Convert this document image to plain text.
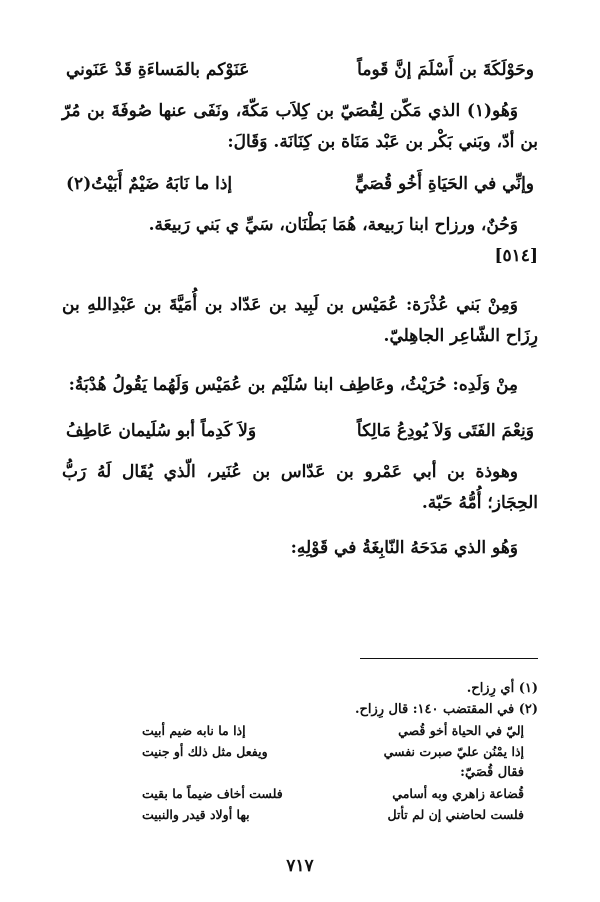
وحَوْلَكَةَ بن أَسْلَمَ إنَّ قَوماً
عَنَوْكم بالمَساءَةِ قَدْ عَنَوني

وَهُو(١) الذي مَكّن لِقُصَيّ بن كِلاَب مَكّةَ، ونَفَى عنها صُوفَةَ بن مُرّ بن أدّ، وبَني بَكْر بن عَبْد مَنَاة بن كِنَانَة. وَقَالَ:

وإنِّي في الحَيَاةِ أَخُو قُصَيٍّ
إذا ما نَابَهُ ضَيْمٌ أَبَيْتُ(٢)

وَحُنٌ، ورزاح ابنا رَبيعة، هُمَا بَطْنَان، سَيِّ ي بَني رَبيعَة.
[٥١٤]

وَمِنْ بَني عُذْرَة: عُمَيْس بن لَبِيد بن عَدّاد بن أُمَيَّةَ بن عَبْدِاللهِ بن رِزَاح الشّاعِر الجاهِليّ.

مِنْ وَلَدِه: حُرَيْثُ، وعَاطِف ابنا سُلَيْم بن عُمَيْس وَلَهُما يَقُولُ هُدْبَةُ:

وَنِعْمَ الفَتَى وَلاَ يُودِعُ مَالِكاً
وَلاَ كَدِماً أبو سُلَيمان عَاطِفُ

وهوذة بن أبي عَمْرو بن عَدّاس بن عُنَير، الّذي يُقَال لَهُ رَبُّ الحِجَاز؛ أُمُّهُ حَبّة.

وَهُو الذي مَدَحَهُ النّابِغَةُ في قَوْلِهِ:

(١) أي رِزاح.
(٢) في المقتضب ١٤٠: قال رِزاح.
إليّ في الحياة أخو قُصي
إذا ما نابه ضيم أبيت
إذا يمْنُن عليّ صبرت نفسي
ويفعل مثل ذلك أو جنيت
فقال قُصَيّ:
قُضاعة زاهري وبه أسامي
فلست أخاف ضيماً ما بقيت
فلست لحاضني إن لم تأتل
بها أولاد قيدر والنبيت
٧١٧
